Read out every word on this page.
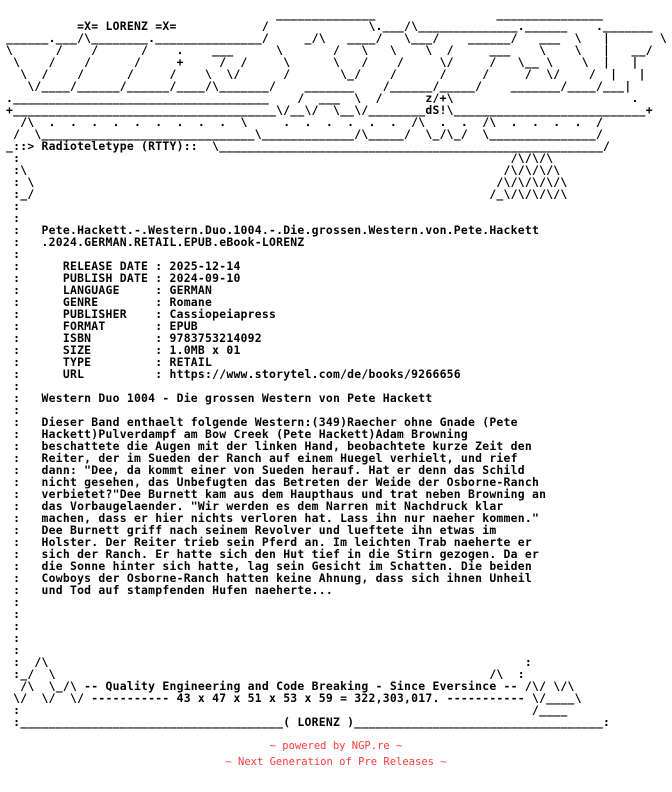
______________                 _______________
=X= LORENZ =X=            /              \.___/\______________.______    ._______
______.___/\________._______________/     _/\   ____/   \___/    ______/   ___  \   |       \
\      /    /      /    .    ___      \       /   \   \    \  /     ___    \    \   |   __/
\    /    /      /     +     /  /     \      \   /    /     \/     /   \__ \    \  |   |
\  /    /      /     /    \  \/      /       \_/    /      /     /     /  \/    /  |   |
\/____/______/______/____/\_______/    _______    /______/_____/    _______/____/___|
.____________________________________    /  ___  \  /      z/+\                         .
+_____________________________________\/__\/  \__\/________dS!\___________________________+
/\  .  .  .  .  .  .  .  .  .  \     .  .  .  .  .  .  /\  .  .  /\  .  .  .  .  /
/  \______________________________\_____________/\_____/  \_/\_/  \_______________/
_::> Radioteletype (RTTY)::  \______________________________________________________/
:                                                                     /\/\/\
:\                                                                   /\/\/\/\
: \                                                                 /\/\/\/\/\
:_/                                                                /_\/\/\/\/\
:
:
:   Pete.Hackett.-.Western.Duo.1004.-.Die.grossen.Western.von.Pete.Hackett
:   .2024.GERMAN.RETAIL.EPUB.eBook-LORENZ
:
:      RELEASE DATE : 2025-12-14
:      PUBLISH DATE : 2024-09-10
:      LANGUAGE     : GERMAN
:      GENRE        : Romane
:      PUBLISHER    : Cassiopeiapress
:      FORMAT       : EPUB
:      ISBN         : 9783753214092
:      SIZE         : 1.0MB x 01
:      TYPE         : RETAIL
:      URL          : https://www.storytel.com/de/books/9266656
:
:   Western Duo 1004 - Die grossen Western von Pete Hackett
:
:   Dieser Band enthaelt folgende Western:(349)Raecher ohne Gnade (Pete
:   Hackett)Pulverdampf am Bow Creek (Pete Hackett)Adam Browning
:   beschattete die Augen mit der linken Hand, beobachtete kurze Zeit den
:   Reiter, der im Sueden der Ranch auf einem Huegel verhielt, und rief
:   dann: "Dee, da kommt einer von Sueden herauf. Hat er denn das Schild
:   nicht gesehen, das Unbefugten das Betreten der Weide der Osborne-Ranch
:   verbietet?"Dee Burnett kam aus dem Haupthaus und trat neben Browning an
:   das Vorbaugelaender. "Wir werden es dem Narren mit Nachdruck klar
:   machen, dass er hier nichts verloren hat. Lass ihn nur naeher kommen."
:   Dee Burnett griff nach seinem Revolver und lueftete ihn etwas im
:   Holster. Der Reiter trieb sein Pferd an. Im leichten Trab naeherte er
:   sich der Ranch. Er hatte sich den Hut tief in die Stirn gezogen. Da er
:   die Sonne hinter sich hatte, lag sein Gesicht im Schatten. Die beiden
:   Cowboys der Osborne-Ranch hatten keine Ahnung, dass sich ihnen Unheil
:   und Tod auf stampfenden Hufen naeherte...
:
:
:
:
:
:  /\                                                                   :
:_/  \                                                             /\  :
/\  \_/\ -- Quality Engineering and Code Breaking - Since Eversince -- /\/ \/\
\/  \/  \/ ----------- 43 x 47 x 51 x 53 x 59 = 322,303,017. ----------- \/____\
:                                                                        /____
:_____________________________________( LORENZ )___________________________________:
~ powered by NGP.re ~
~ Next Generation of Pre Releases ~
